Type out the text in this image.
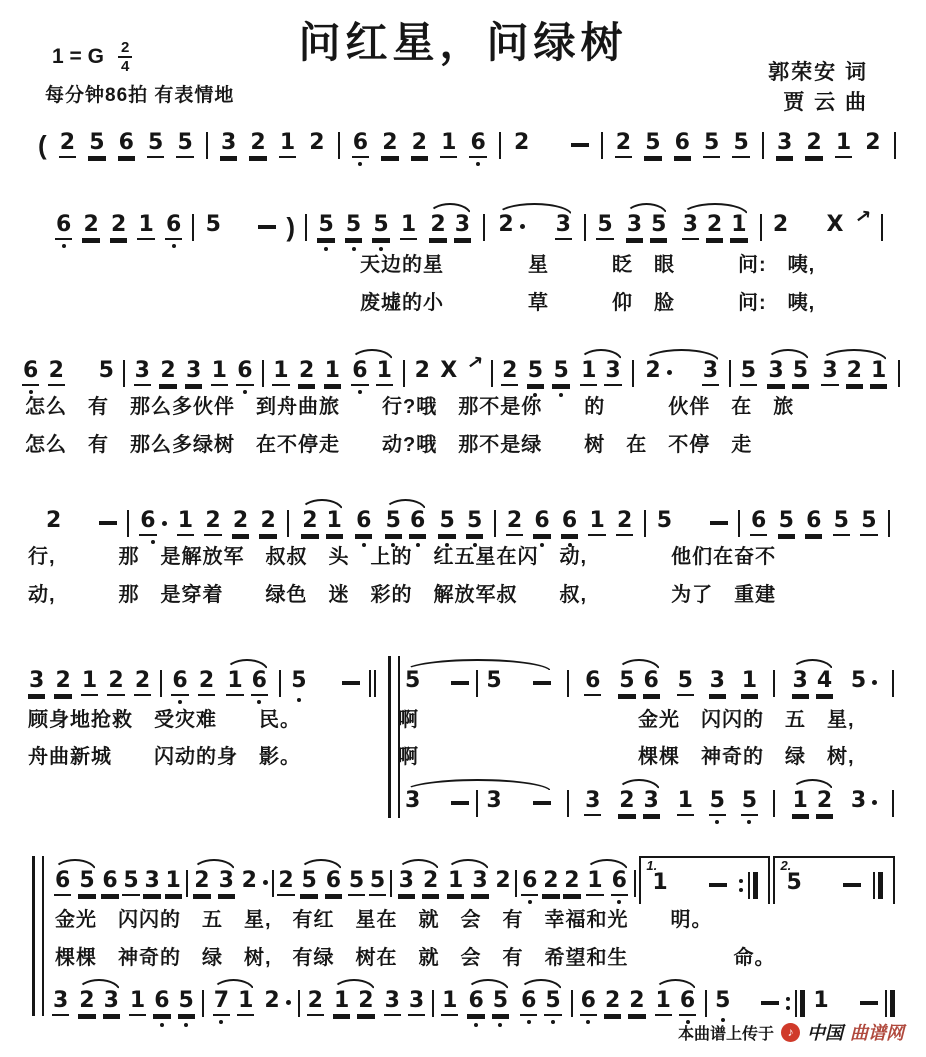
问红星，问绿树
1 = G 2
4
每分钟86拍 有表情地
郭荣安 词
贾 云 曲
( 2 5 6 5 5 3 2 1 2 6 2 2 1 6 2	2 5 6 5 5 3 2 1 2
6 2 2 1 6 5	) 5 5 5 1 2 3 2 3 5 3 5 3 2 1 2 X ↗
6 2 5 3 2 3 1 6 1 2 1 6 1 2 X ↗ 2 5 5 1 3 2 3 5 3 5 3 2 1
2	6 1 2 2 2 2 1 6 5 6 5 5 2 6 6 1 2 5	6 5 6 5 5
3 2 1 2 2 6 2 1 6 5	5	5	6 5 6 5 3 1 3 4 5
3	3	3 2 3 1 5 5 1 2 3
6 5 6 5 3 1 2 3 2 2 5 6 5 5 3 2 1 3 2 6 2 2 1 6 1. 1	2. 5
3 2 3 1 6 5 7 1 2 2 1 2 3 3 1 6 5 6 5 6 2 2 1 6 5	1
天边的星　　　　星　　　眨　眼　　　问:　咦,
废墟的小　　　　草　　　仰　脸　　　问:　咦,
怎么　有　那么多伙伴　到舟曲旅　　行?哦　那不是你　　的　　　伙伴　在　旅
怎么　有　那么多绿树　在不停走　　动?哦　那不是绿　　树　在　不停　走
行,　　　那　是解放军　叔叔　头　上的　红五星在闪　动,　　　　他们在奋不
动,　　　那　是穿着　　绿色　迷　彩的　解放军叔　　叔,　　　　为了　重建
顾身地抢救　受灾难　　民。
舟曲新城　　闪动的身　影。
啊
啊
金光　闪闪的　五　星,
棵棵　神奇的　绿　树,
金光　闪闪的　五　星,　有红　星在　就　会　有　幸福和光　　明。
棵棵　神奇的　绿　树,　有绿　树在　就　会　有　希望和生　　　　　命。
本曲谱上传于	♪ 中国 曲谱网
